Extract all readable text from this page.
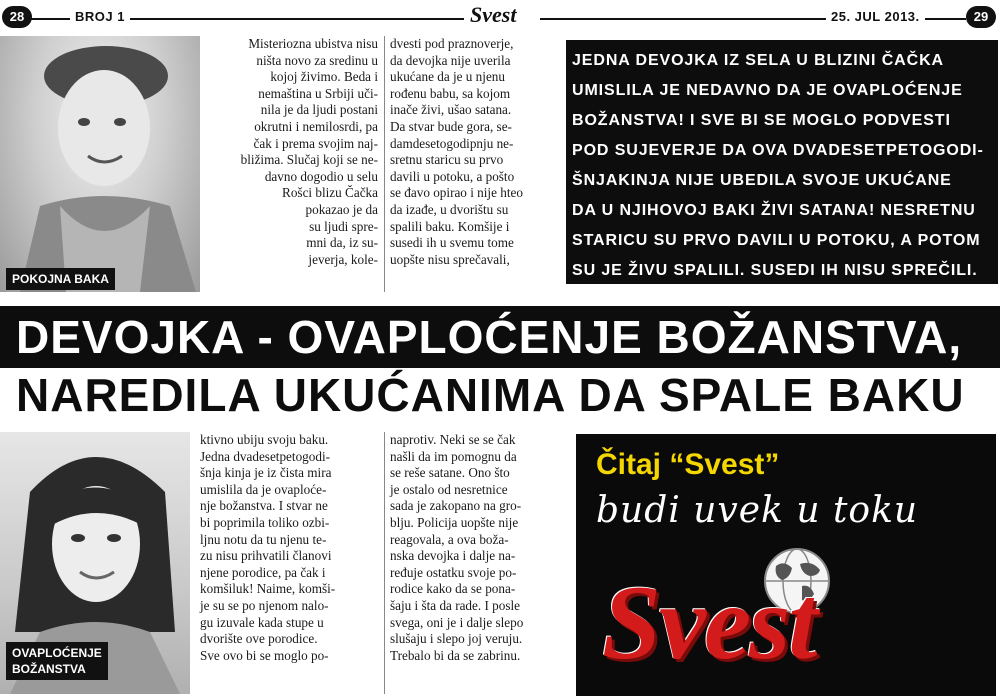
28	BROJ 1	Svest	25. JUL 2013.	29
POKOJNA BAKA

Misteriozna ubistva nisu
ništa novo za sredinu u
kojoj živimo. Beda i
nemaština u Srbiji uči-
nila je da ljudi postani
okrutni i nemilosrdi, pa
čak i prema svojim naj-
bližima. Slučaj koji se ne-
davno dogodio u selu
Rošci blizu Čačka
pokazao je da
su ljudi spre-
mni da, iz su-
jeverja, kole-

dvesti pod praznoverje,
da devojka nije uverila
ukućane da je u njenu
rođenu babu, sa kojom
inače živi, ušao satana.
Da stvar bude gora, se-
damdesetogodipnju ne-
sretnu staricu su prvo
davili u potoku, a pošto
se đavo opirao i nije hteo
da izađe, u dvorištu su
spalili baku. Komšije i
susedi ih u svemu tome
uopšte nisu sprečavali,

JEDNA DEVOJKA IZ SELA U BLIZINI ČAČKA
UMISLILA JE NEDAVNO DA JE OVAPLOĆENJE
BOŽANSTVA! I SVE BI SE MOGLO PODVESTI
POD SUJEVERJE DA OVA DVADESETPETOGODI-
ŠNJAKINJA NIJE UBEDILA SVOJE UKUĆANE
DA U NJIHOVOJ BAKI ŽIVI SATANA! NESRETNU
STARICU SU PRVO DAVILI U POTOKU, A POTOM
SU JE ŽIVU SPALILI. SUSEDI IH NISU SPREČILI.
DEVOJKA - OVAPLOĆENJE BOŽANSTVA,
NAREDILA UKUĆANIMA DA SPALE BAKU
OVAPLOĆENJE
BOŽANSTVA

ktivno ubiju svoju baku.
Jedna dvadesetpetogodi-
šnja kinja je iz čista mira
umislila da je ovaploće-
nje božanstva. I stvar ne
bi poprimila toliko ozbi-
ljnu notu da tu njenu te-
zu nisu prihvatili članovi
njene porodice, pa čak i
komšiluk! Naime, komši-
je su se po njenom nalo-
gu izuvale kada stupe u
dvorište ove porodice.
Sve ovo bi se moglo po-

naprotiv. Neki se se čak
našli da im pomognu da
se reše satane. Ono što
je ostalo od nesretnice
sada je zakopano na gro-
blju. Policija uopšte nije
reagovala, a ova boža-
nska devojka i dalje na-
ređuje ostatku svoje po-
rodice kako da se pona-
šaju i šta da rade. I posle
svega, oni je i dalje slepo
slušaju i slepo joj veruju.
Trebalo bi da se zabrinu.

Čitaj “Svest”
budi uvek u toku
Svest
